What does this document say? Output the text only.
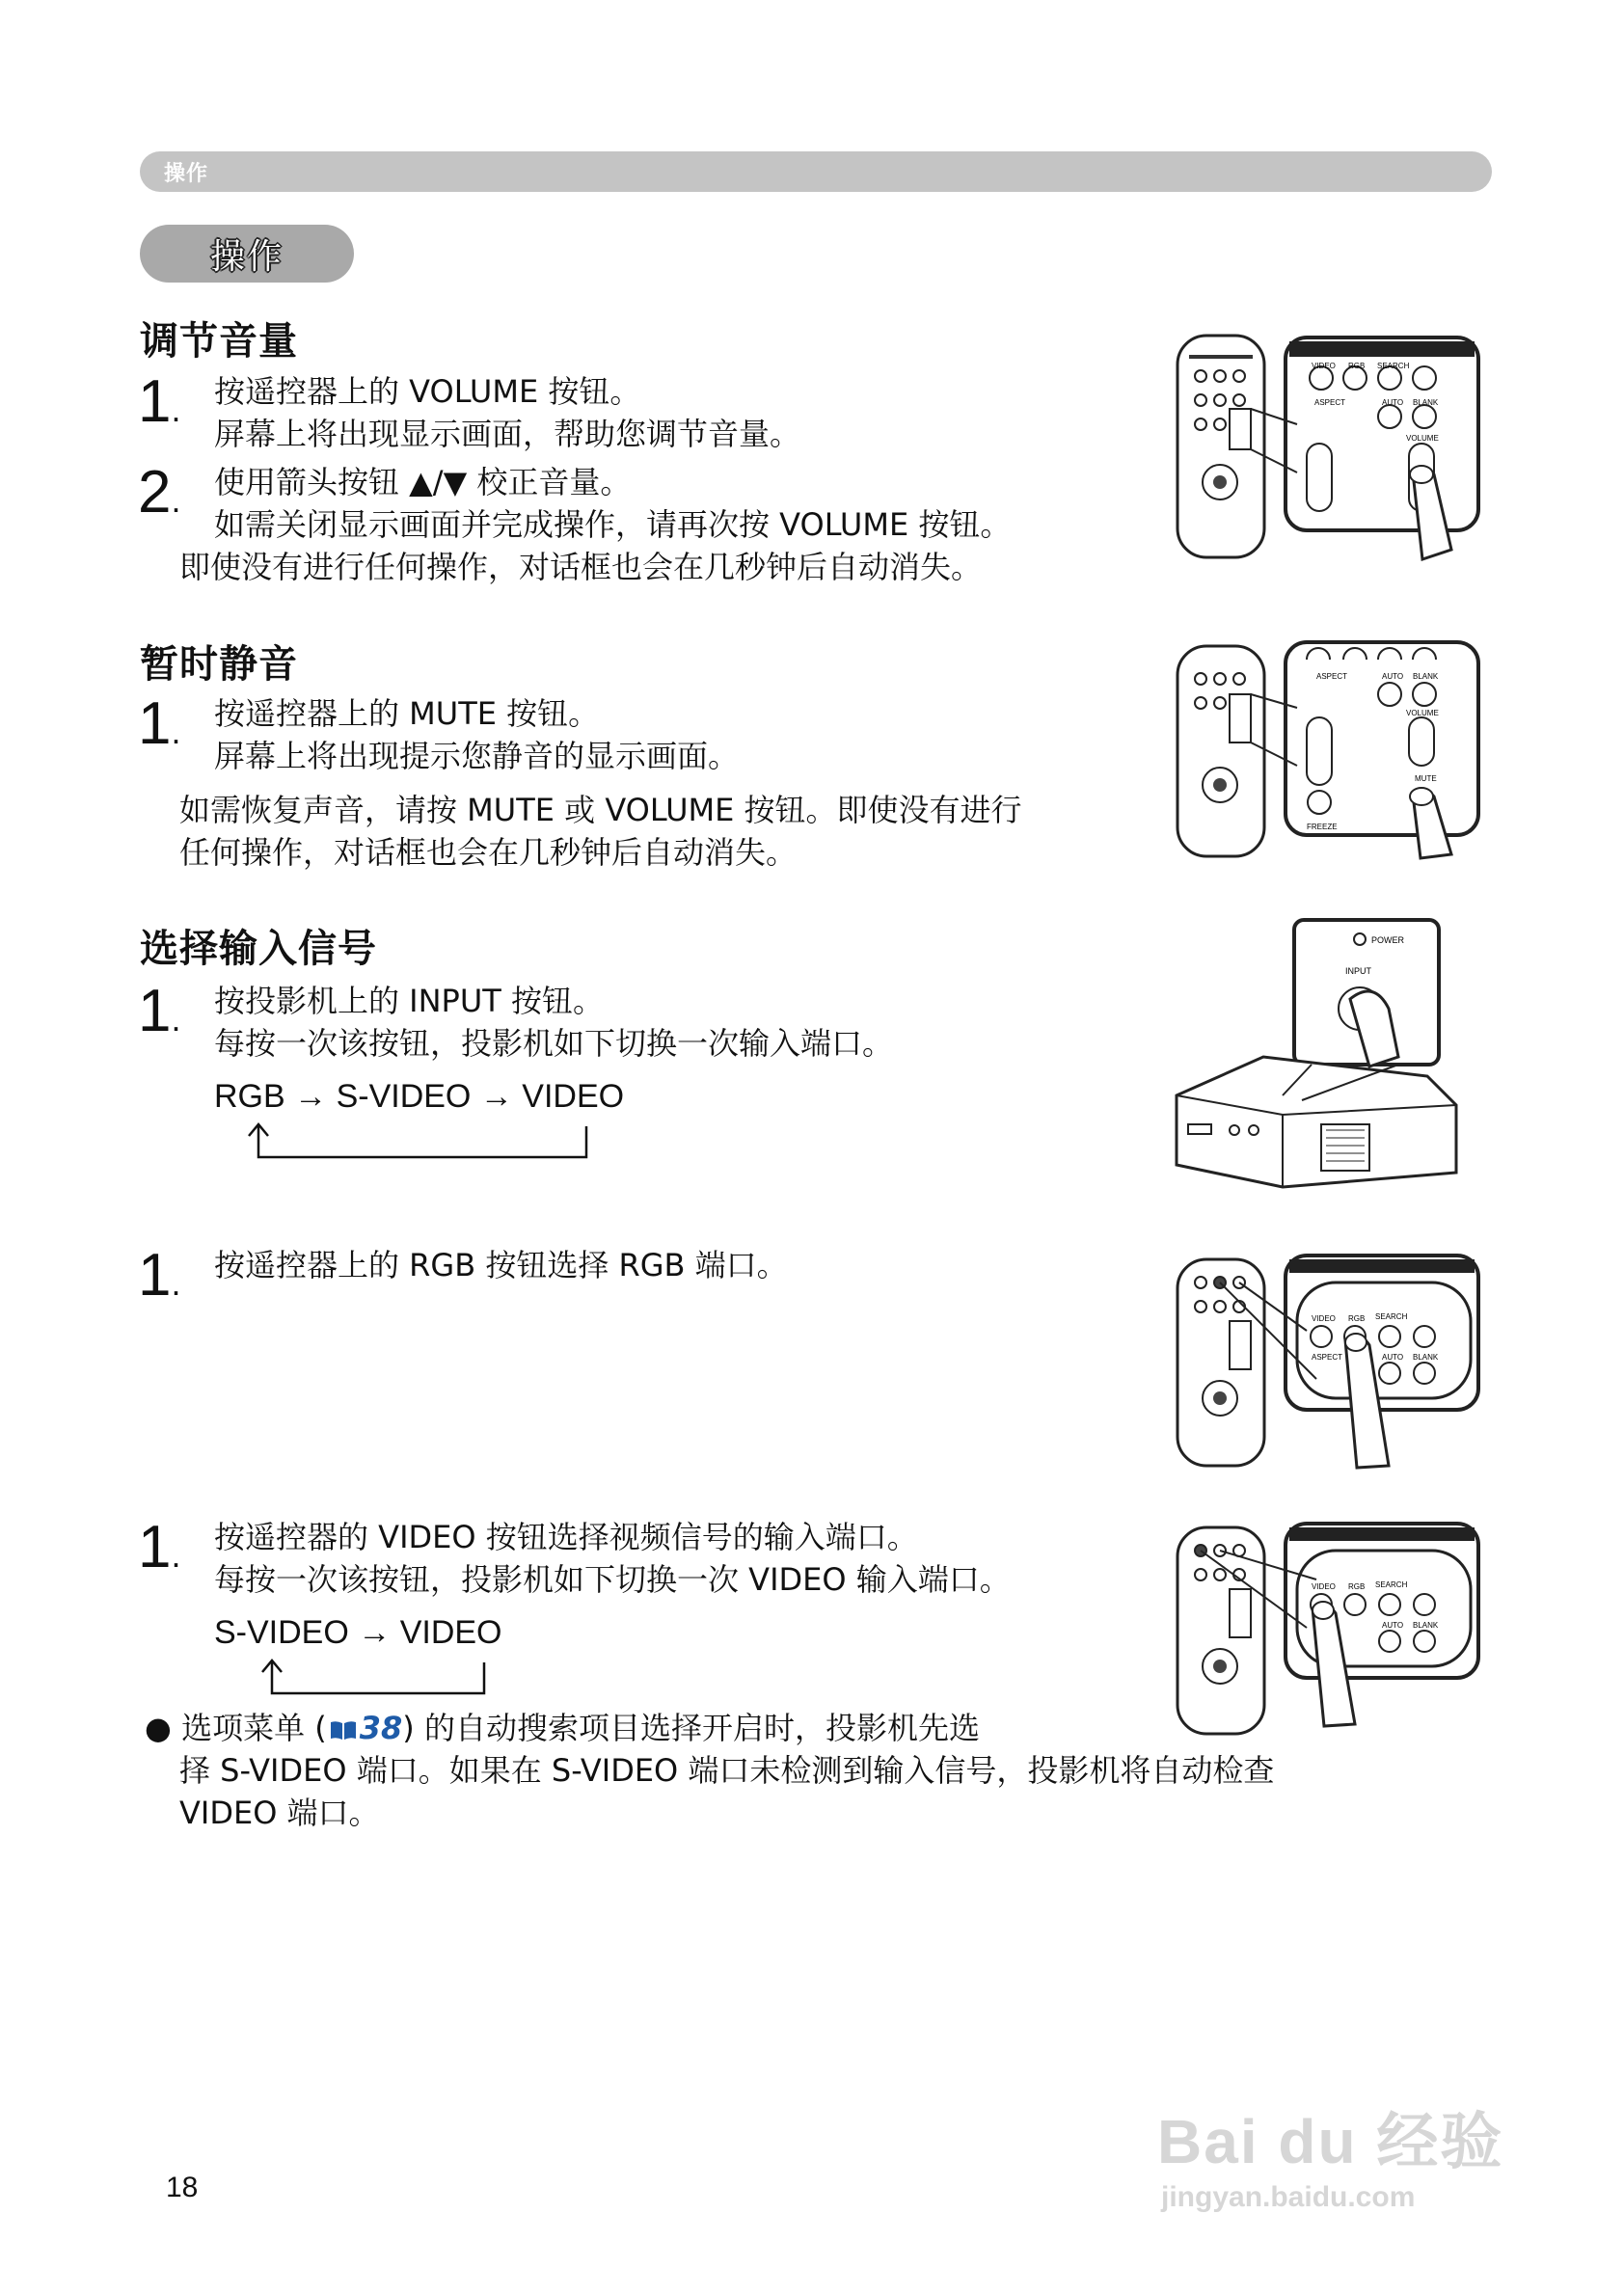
操作
操作
调节音量
1 .	按遥控器上的 VOLUME 按钮。
屏幕上将出现显示画面，帮助您调节音量。
2 .	使用箭头按钮 ▲/▼ 校正音量。
如需关闭显示画面并完成操作，请再次按 VOLUME 按钮。
即使没有进行任何操作，对话框也会在几秒钟后自动消失。
VIDEO RGB SEARCH
ASPECT	AUTO BLANK
VOLUME
暂时静音
1 .	按遥控器上的 MUTE 按钮。
屏幕上将出现提示您静音的显示画面。
如需恢复声音，请按 MUTE 或 VOLUME 按钮。即使没有进行
任何操作，对话框也会在几秒钟后自动消失。
ASPECT	AUTO BLANK
VOLUME
MUTE
FREEZE
选择输入信号
1 .	按投影机上的 INPUT 按钮。
每按一次该按钮，投影机如下切换一次输入端口。
RGB → S-VIDEO → VIDEO
POWER
INPUT
1 .	按遥控器上的 RGB 按钮选择 RGB 端口。
VIDEO RGB SEARCH
ASPECT	AUTO BLANK
1 .	按遥控器的 VIDEO 按钮选择视频信号的输入端口。
每按一次该按钮，投影机如下切换一次 VIDEO 输入端口。
S-VIDEO → VIDEO
VIDEO RGB SEARCH
AUTO BLANK
● 选项菜单 ( 38) 的自动搜索项目选择开启时，投影机先选
择 S-VIDEO 端口。如果在 S-VIDEO 端口未检测到输入信号，投影机将自动检查
VIDEO 端口。
18
Bai du 经验
jingyan.baidu.com
